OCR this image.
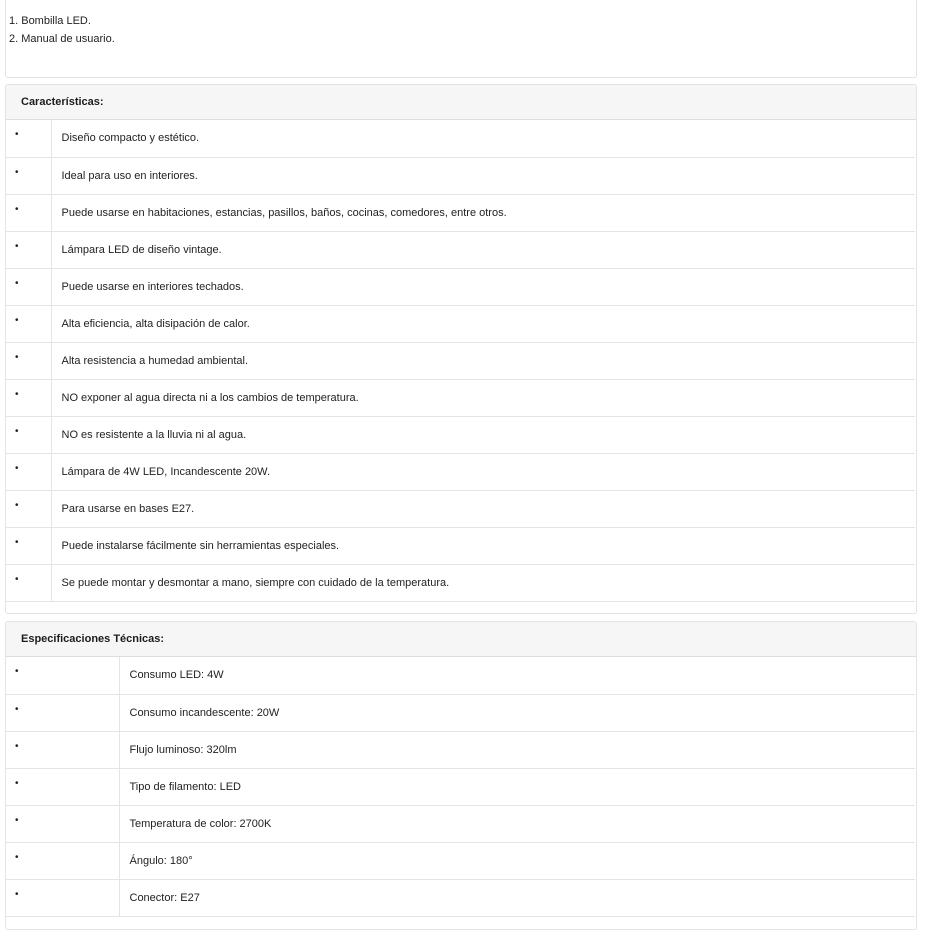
1. Bombilla LED.
2. Manual de usuario.
Características:
•	Diseño compacto y estético.
•	Ideal para uso en interiores.
•	Puede usarse en habitaciones, estancias, pasillos, baños, cocinas, comedores, entre otros.
•	Lámpara LED de diseño vintage.
•	Puede usarse en interiores techados.
•	Alta eficiencia, alta disipación de calor.
•	Alta resistencia a humedad ambiental.
•	NO exponer al agua directa ni a los cambios de temperatura.
•	NO es resistente a la lluvia ni al agua.
•	Lámpara de 4W LED, Incandescente 20W.
•	Para usarse en bases E27.
•	Puede instalarse fácilmente sin herramientas especiales.
•	Se puede montar y desmontar a mano, siempre con cuidado de la temperatura.
Especificaciones Técnicas:
•	Consumo LED: 4W
•	Consumo incandescente: 20W
•	Flujo luminoso: 320lm
•	Tipo de filamento: LED
•	Temperatura de color: 2700K
•	Ángulo: 180°
•	Conector: E27
